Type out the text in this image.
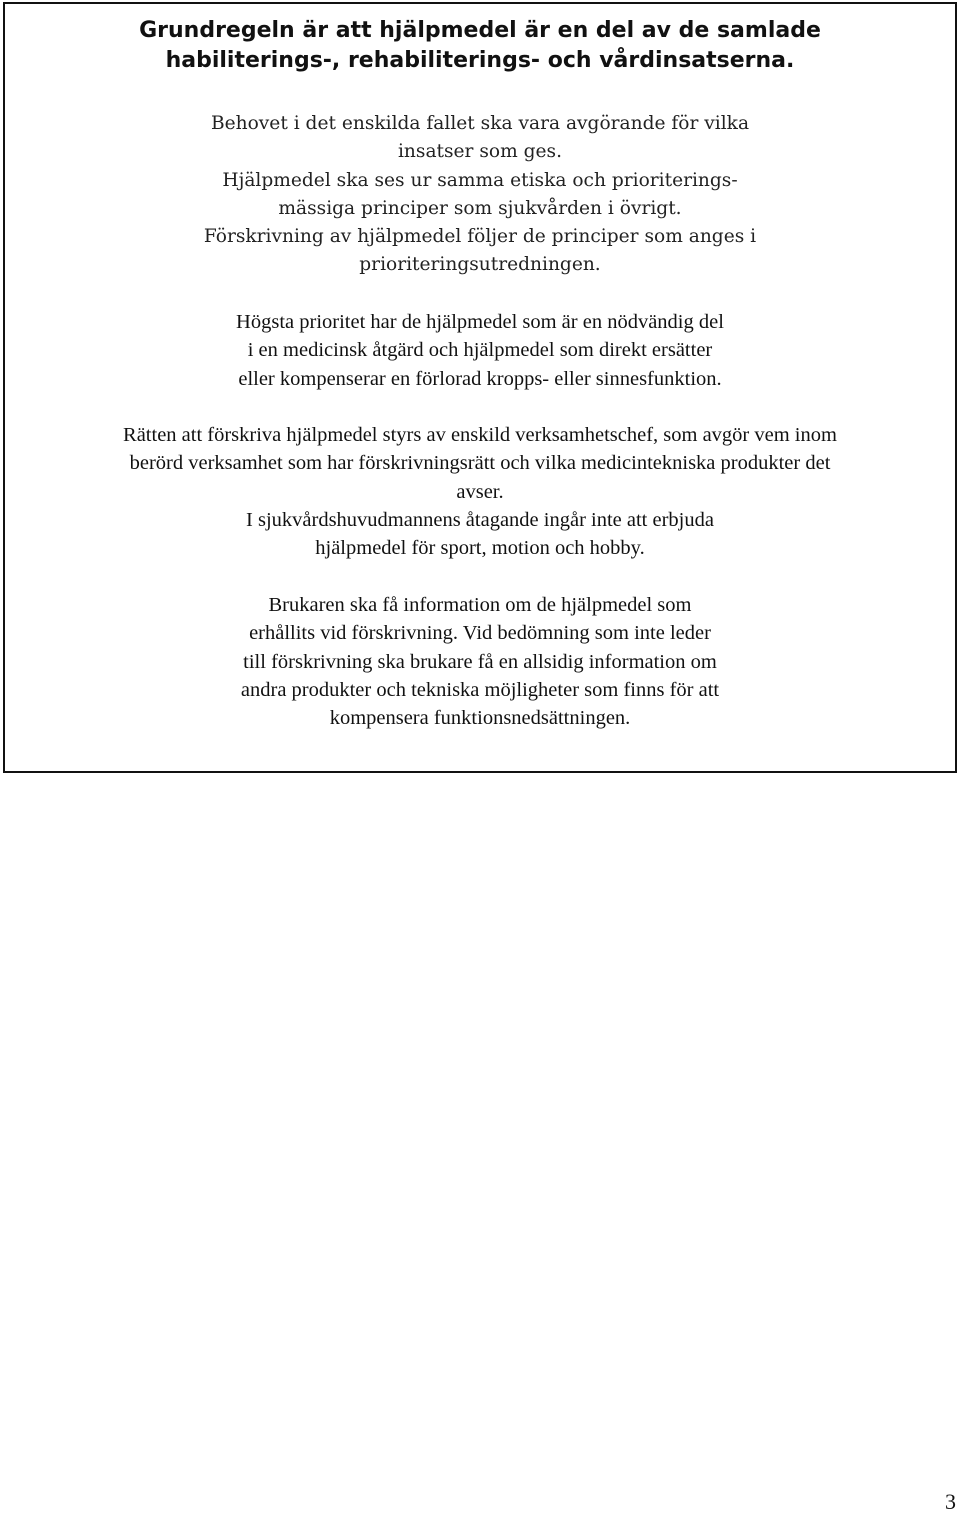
Grundregeln är att hjälpmedel är en del av de samlade
habiliterings-, rehabiliterings- och vårdinsatserna.

Behovet i det enskilda fallet ska vara avgörande för vilka
insatser som ges.
Hjälpmedel ska ses ur samma etiska och prioriterings-
mässiga principer som sjukvården i övrigt.
Förskrivning av hjälpmedel följer de principer som anges i
prioriteringsutredningen.

Högsta prioritet har de hjälpmedel som är en nödvändig del
i en medicinsk åtgärd och hjälpmedel som direkt ersätter
eller kompenserar en förlorad kropps- eller sinnesfunktion.

Rätten att förskriva hjälpmedel styrs av enskild verksamhetschef, som avgör vem inom
berörd verksamhet som har förskrivningsrätt och vilka medicintekniska produkter det
avser.
I sjukvårdshuvudmannens åtagande ingår inte att erbjuda
hjälpmedel för sport, motion och hobby.

Brukaren ska få information om de hjälpmedel som
erhållits vid förskrivning. Vid bedömning som inte leder
till förskrivning ska brukare få en allsidig information om
andra produkter och tekniska möjligheter som finns för att
kompensera funktionsnedsättningen.

3
